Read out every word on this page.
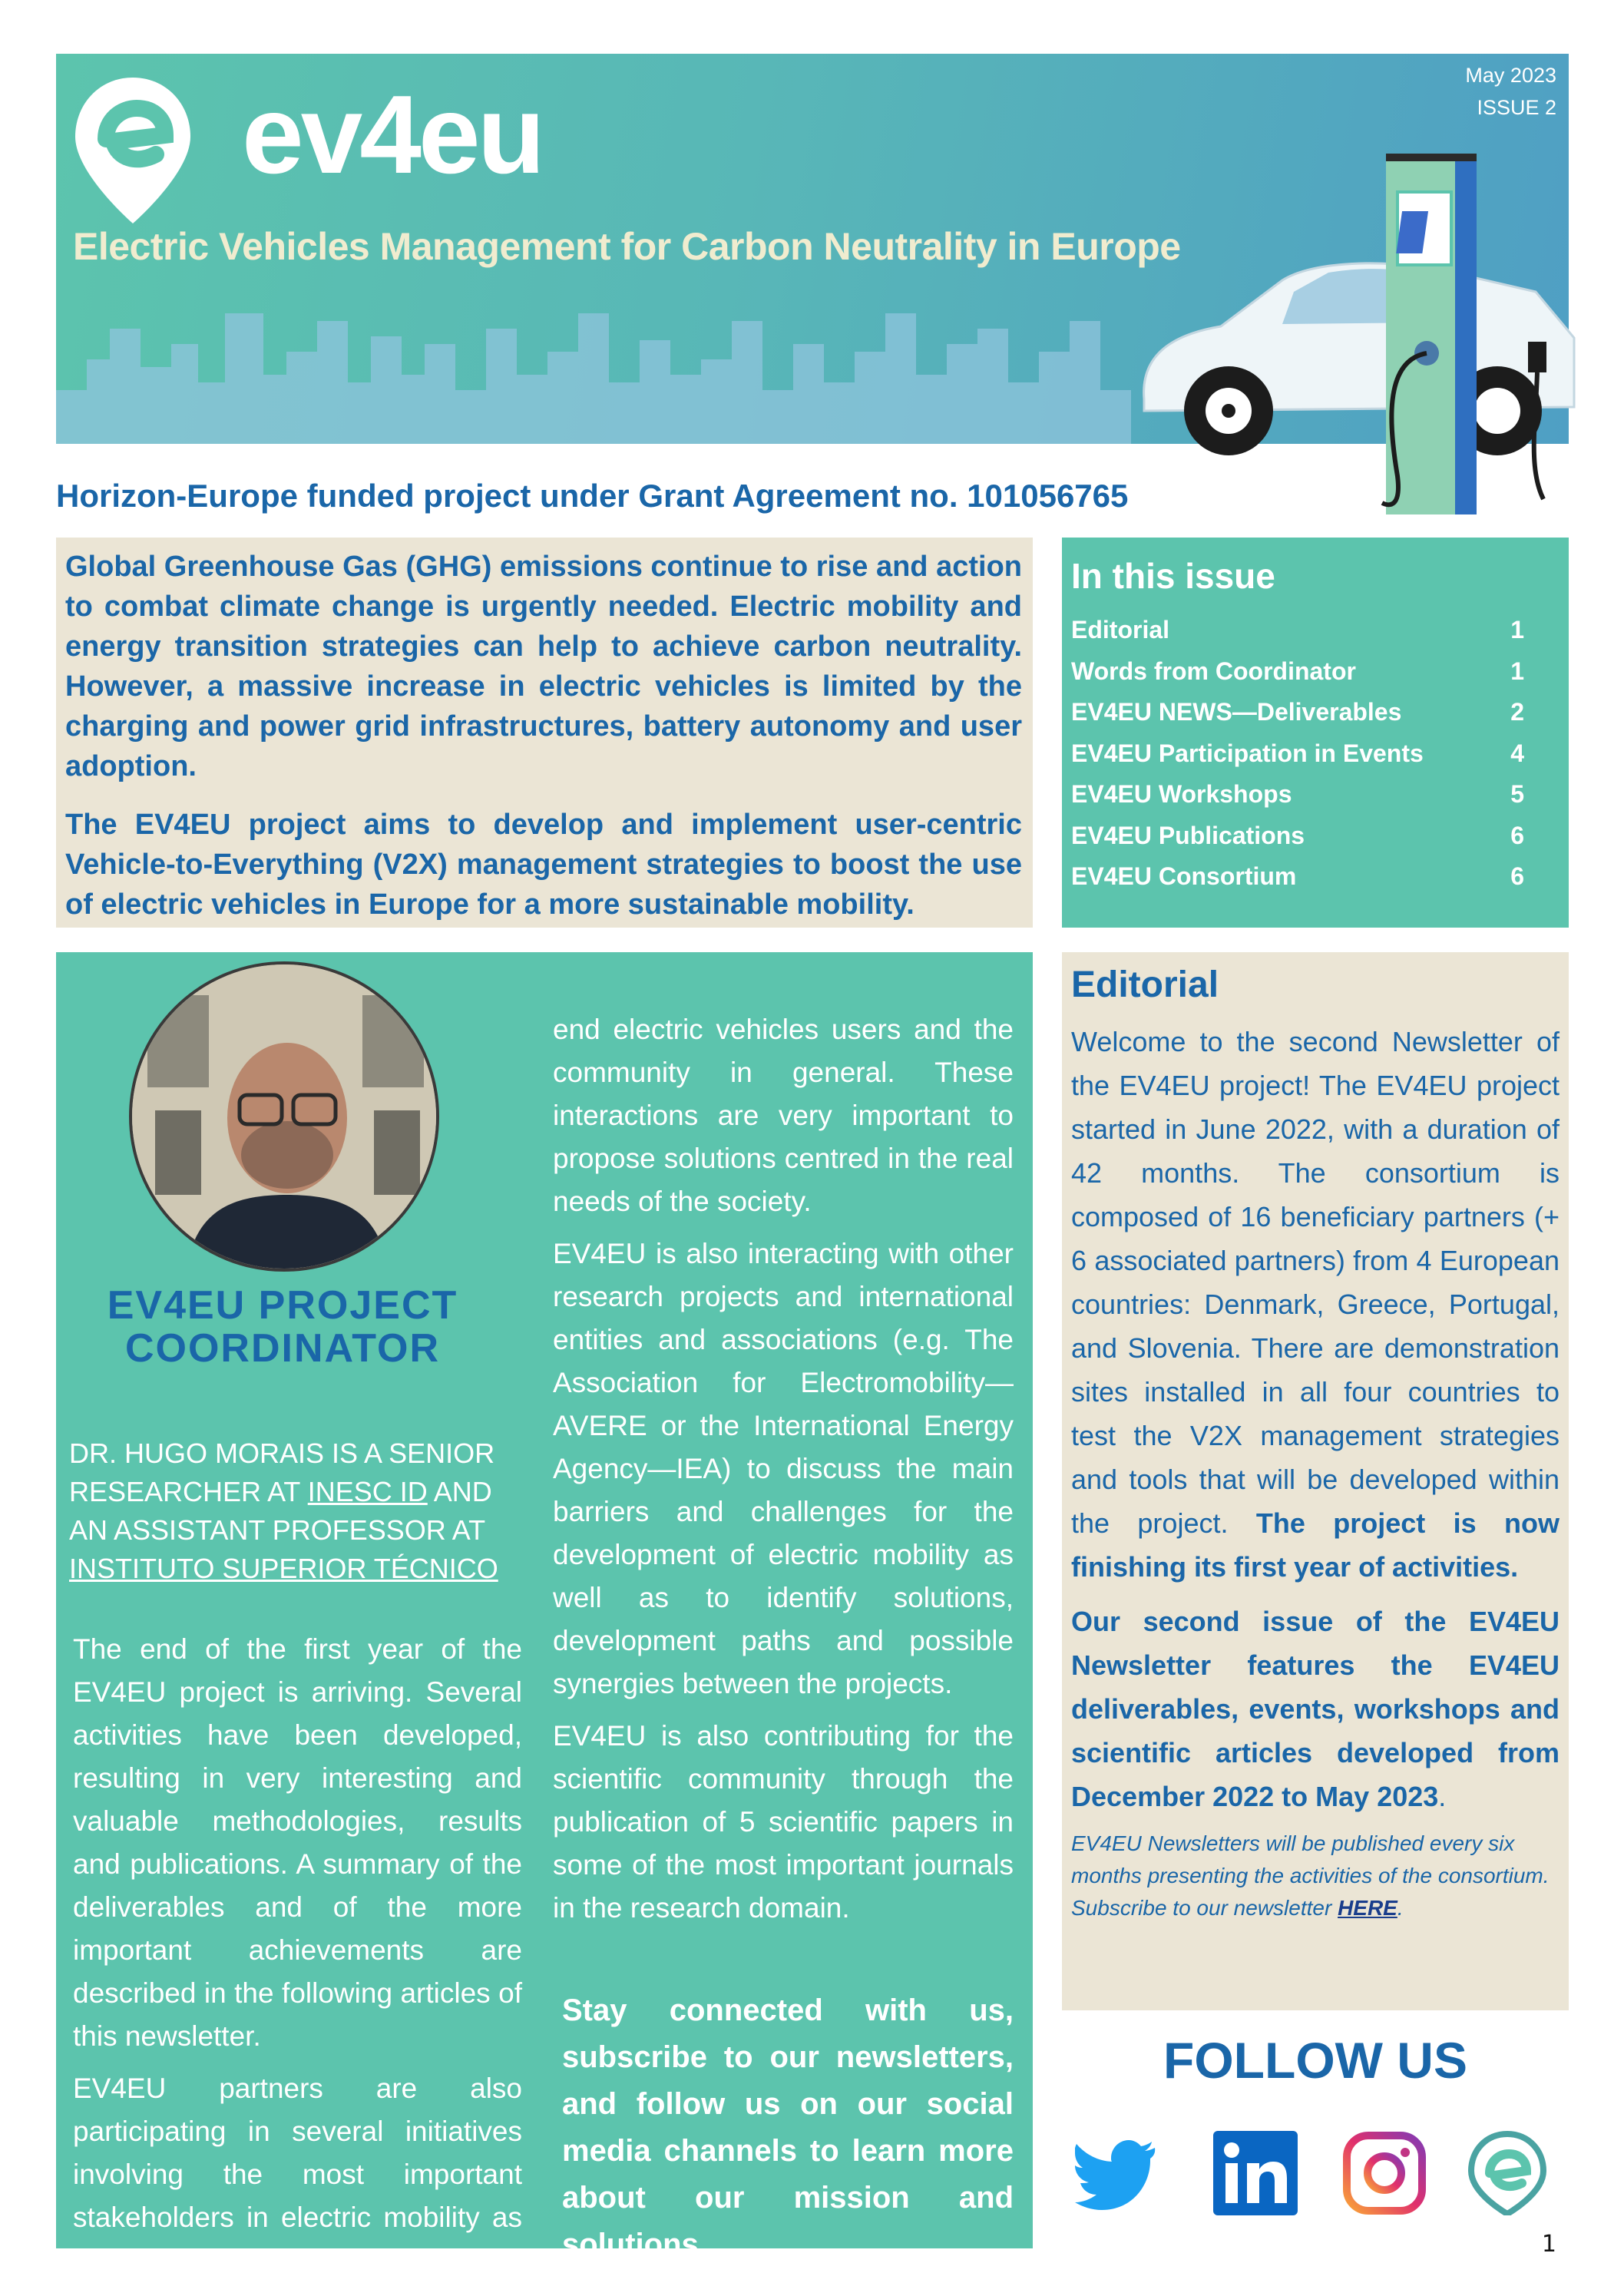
ev4eu	May 2023
ISSUE 2
Electric Vehicles Management for Carbon Neutrality in Europe
Horizon-Europe funded project under Grant Agreement no. 101056765

Global Greenhouse Gas (GHG) emissions continue to rise and action to combat climate change is urgently needed. Electric mobility and energy transition strategies can help to achieve carbon neutrality. However, a massive increase in electric vehicles is limited by the charging and power grid infrastructures, battery autonomy and user adoption.

The EV4EU project aims to develop and implement user-centric Vehicle-to-Everything (V2X) management strategies to boost the use of electric vehicles in Europe for a more sustainable mobility.

In this issue
Editorial	1
Words from Coordinator	1
EV4EU NEWS—Deliverables	2
EV4EU Participation in Events	4
EV4EU Workshops	5
EV4EU Publications	6
EV4EU Consortium	6
EV4EU PROJECT
COORDINATOR
DR. HUGO MORAIS IS A SENIOR RESEARCHER AT INESC ID AND AN ASSISTANT PROFESSOR AT INSTITUTO SUPERIOR TÉCNICO

The end of the first year of the EV4EU project is arriving. Several activities have been developed, resulting in very interesting and valuable methodologies, results and publications. A summary of the deliverables and of the more important achievements are described in the following articles of this newsletter.

EV4EU partners are also participating in several initiatives involving the most important stakeholders in electric mobility as well as

end electric vehicles users and the community in general. These interactions are very important to propose solutions centred in the real needs of the society.

EV4EU is also interacting with other research projects and international entities and associations (e.g. The Association for Electromobility—AVERE or the International Energy Agency—IEA) to discuss the main barriers and challenges for the development of electric mobility as well as to identify solutions, development paths and possible synergies between the projects.

EV4EU is also contributing for the scientific community through the publication of 5 scientific papers in some of the most important journals in the research domain.

Stay connected with us, subscribe to our newsletters, and follow us on our social media channels to learn more about our mission and solutions.
Editorial

Welcome to the second Newsletter of the EV4EU project! The EV4EU project started in June 2022, with a duration of 42 months. The consortium is composed of 16 beneficiary partners (+ 6 associated partners) from 4 European countries: Denmark, Greece, Portugal, and Slovenia. There are demonstration sites installed in all four countries to test the V2X management strategies and tools that will be developed within the project. The project is now finishing its first year of activities.

Our second issue of the EV4EU Newsletter features the EV4EU deliverables, events, workshops and scientific articles developed from December 2022 to May 2023.

EV4EU Newsletters will be published every six months presenting the activities of the consortium. Subscribe to our newsletter HERE.

FOLLOW US
1
